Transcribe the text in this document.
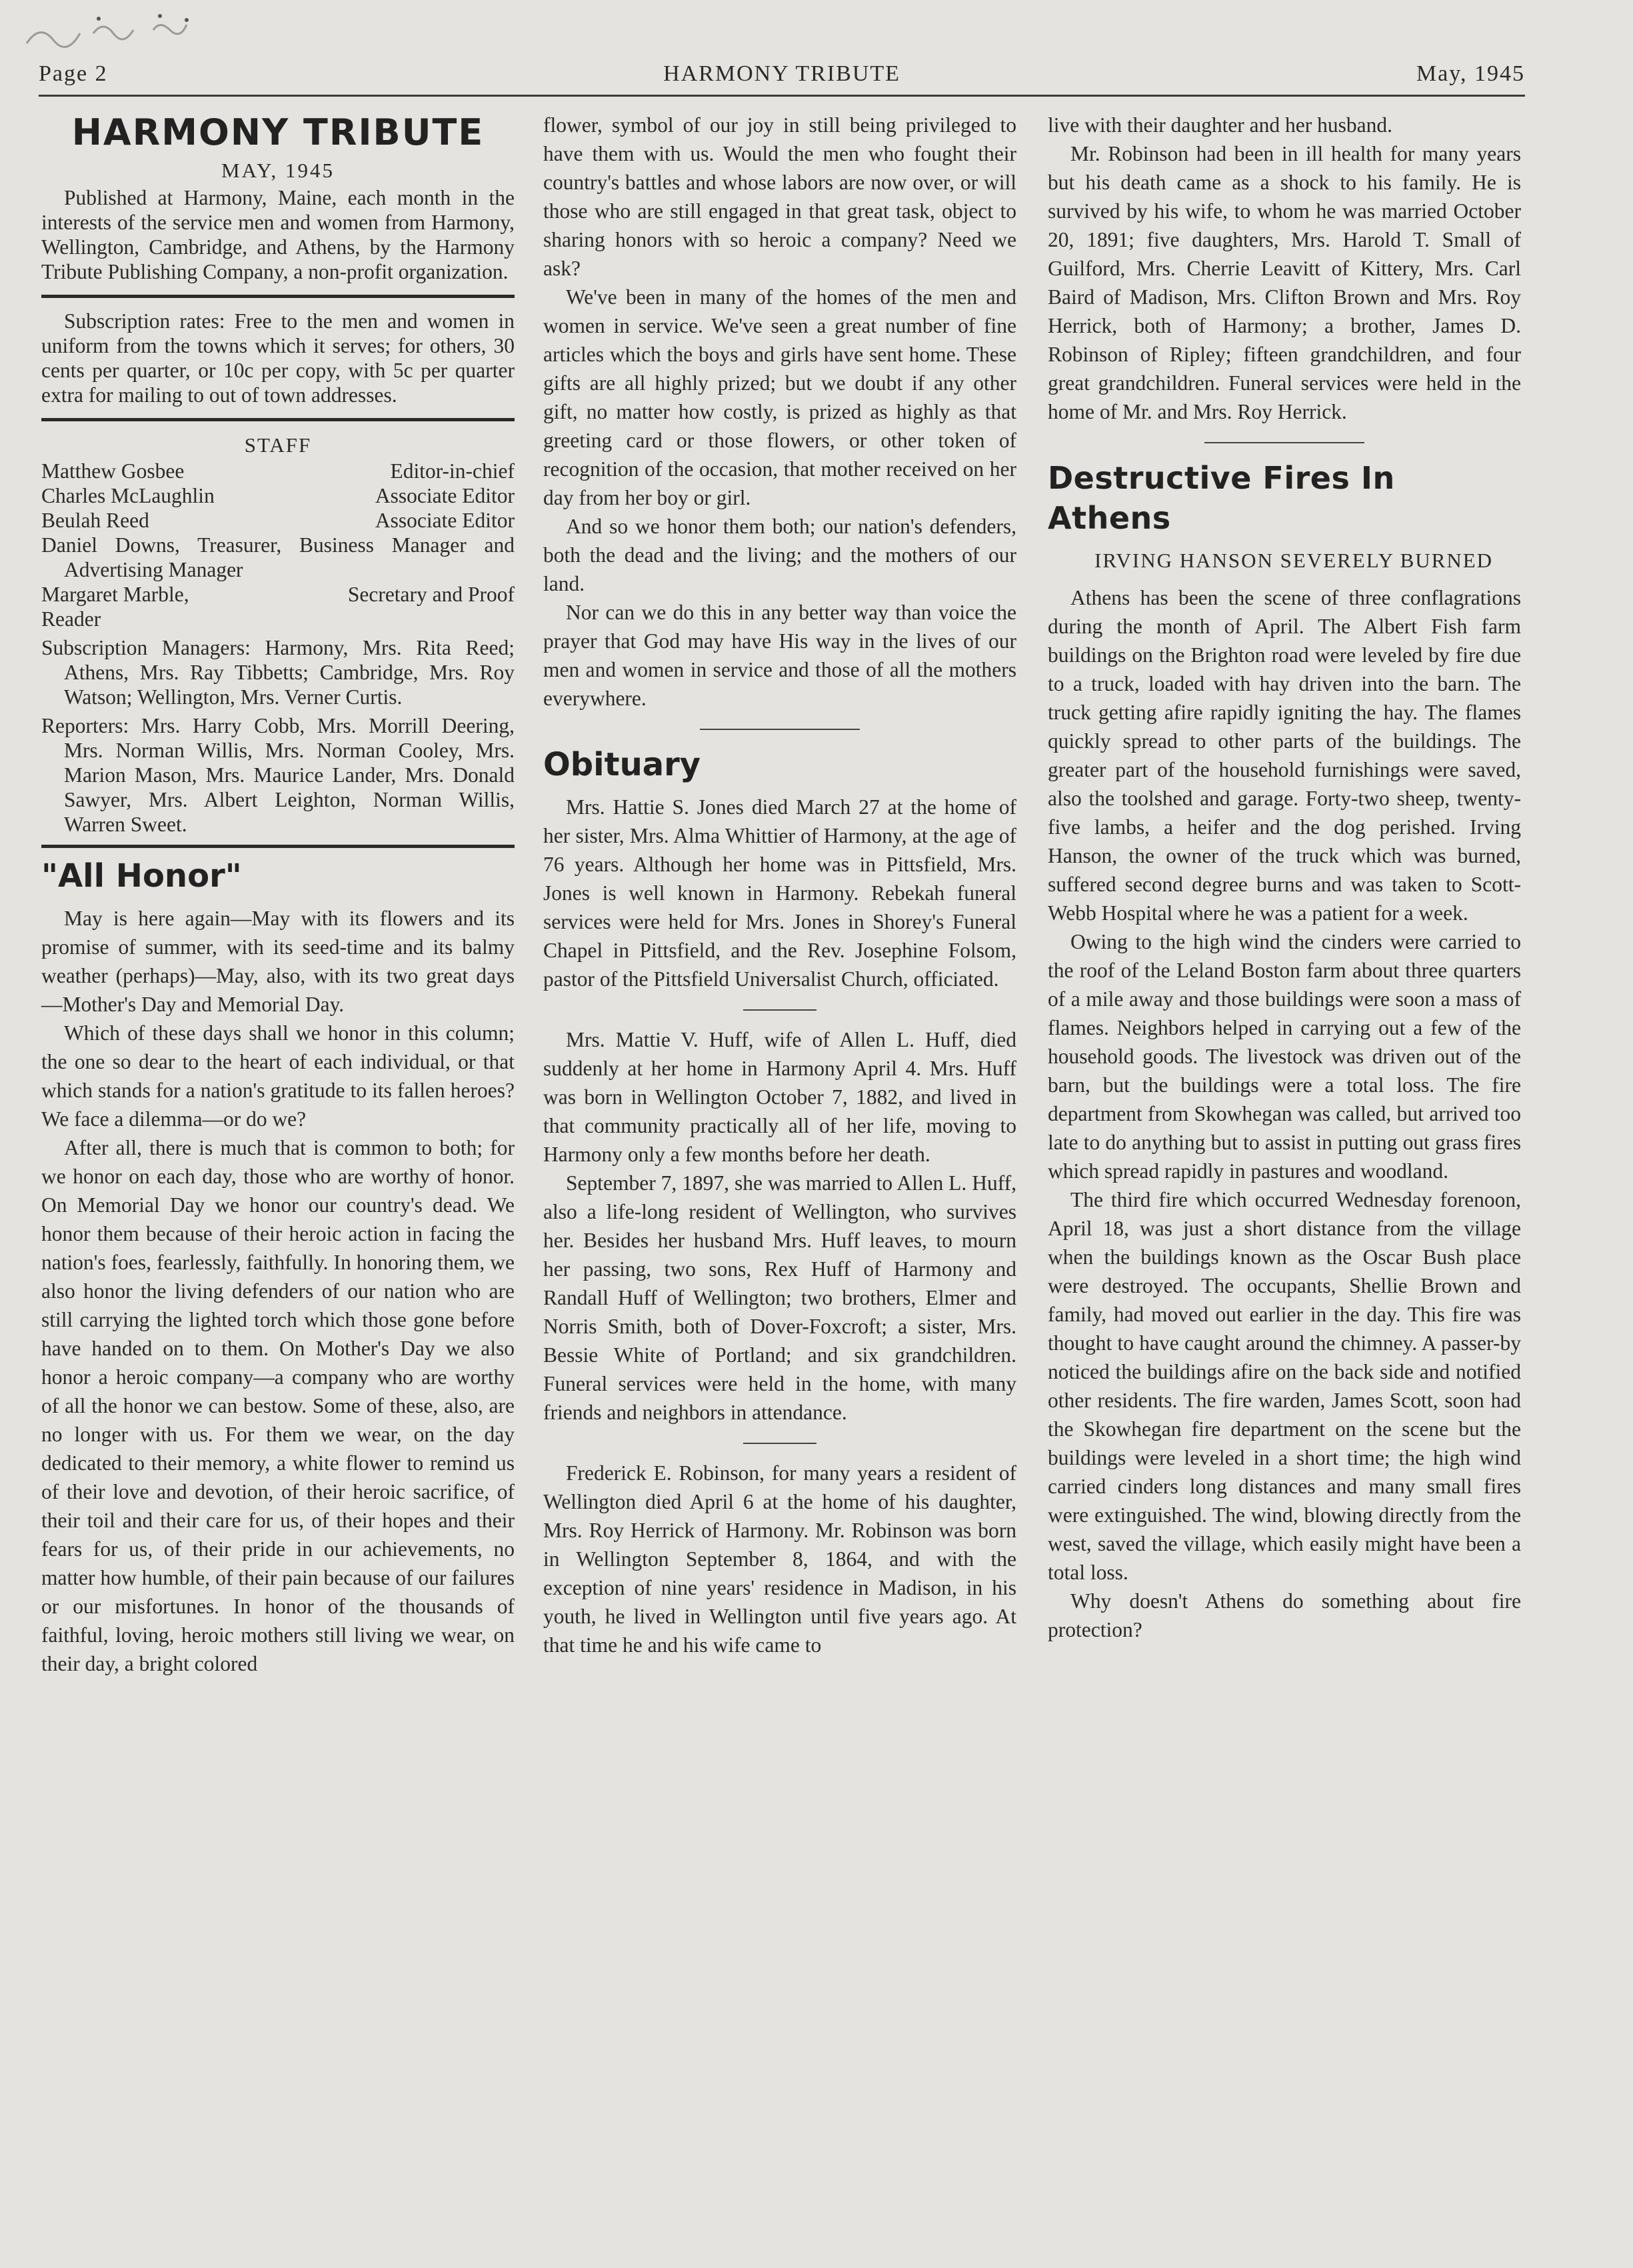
Page 2	HARMONY TRIBUTE	May, 1945
HARMONY TRIBUTE
MAY, 1945

Published at Harmony, Maine, each month in the interests of the service men and women from Harmony, Wellington, Cambridge, and Athens, by the Harmony Tribute Publishing Company, a non-profit organization.

Subscription rates: Free to the men and women in uniform from the towns which it serves; for others, 30 cents per quarter, or 10c per copy, with 5c per quarter extra for mailing to out of town addresses.

STAFF
Matthew Gosbee	Editor-in-chief
Charles McLaughlin	Associate Editor
Beulah Reed	Associate Editor

Daniel Downs, Treasurer, Business Manager and Advertising Manager

Margaret Marble,	Secretary and Proof

Reader

Subscription Managers: Harmony, Mrs. Rita Reed; Athens, Mrs. Ray Tibbetts; Cambridge, Mrs. Roy Watson; Wellington, Mrs. Verner Curtis.

Reporters: Mrs. Harry Cobb, Mrs. Morrill Deering, Mrs. Norman Willis, Mrs. Norman Cooley, Mrs. Marion Mason, Mrs. Maurice Lander, Mrs. Donald Sawyer, Mrs. Albert Leighton, Norman Willis, Warren Sweet.

"All Honor"

May is here again—May with its flowers and its promise of summer, with its seed-time and its balmy weather (perhaps)—May, also, with its two great days—Mother's Day and Memorial Day.

Which of these days shall we honor in this column; the one so dear to the heart of each individual, or that which stands for a nation's gratitude to its fallen heroes? We face a dilemma—or do we?

After all, there is much that is common to both; for we honor on each day, those who are worthy of honor. On Memorial Day we honor our country's dead. We honor them because of their heroic action in facing the nation's foes, fearlessly, faithfully. In honoring them, we also honor the living defenders of our nation who are still carrying the lighted torch which those gone before have handed on to them. On Mother's Day we also honor a heroic company—a company who are worthy of all the honor we can bestow. Some of these, also, are no longer with us. For them we wear, on the day dedicated to their memory, a white flower to remind us of their love and devotion, of their heroic sacrifice, of their toil and their care for us, of their hopes and their fears for us, of their pride in our achievements, no matter how humble, of their pain because of our failures or our misfortunes. In honor of the thousands of faithful, loving, heroic mothers still living we wear, on their day, a bright colored

flower, symbol of our joy in still being privileged to have them with us. Would the men who fought their country's battles and whose labors are now over, or will those who are still engaged in that great task, object to sharing honors with so heroic a company? Need we ask?

We've been in many of the homes of the men and women in service. We've seen a great number of fine articles which the boys and girls have sent home. These gifts are all highly prized; but we doubt if any other gift, no matter how costly, is prized as highly as that greeting card or those flowers, or other token of recognition of the occasion, that mother received on her day from her boy or girl.

And so we honor them both; our nation's defenders, both the dead and the living; and the mothers of our land.

Nor can we do this in any better way than voice the prayer that God may have His way in the lives of our men and women in service and those of all the mothers everywhere.

Obituary

Mrs. Hattie S. Jones died March 27 at the home of her sister, Mrs. Alma Whittier of Harmony, at the age of 76 years. Although her home was in Pittsfield, Mrs. Jones is well known in Harmony. Rebekah funeral services were held for Mrs. Jones in Shorey's Funeral Chapel in Pittsfield, and the Rev. Josephine Folsom, pastor of the Pittsfield Universalist Church, officiated.

Mrs. Mattie V. Huff, wife of Allen L. Huff, died suddenly at her home in Harmony April 4. Mrs. Huff was born in Wellington October 7, 1882, and lived in that community practically all of her life, moving to Harmony only a few months before her death.

September 7, 1897, she was married to Allen L. Huff, also a life-long resident of Wellington, who survives her. Besides her husband Mrs. Huff leaves, to mourn her passing, two sons, Rex Huff of Harmony and Randall Huff of Wellington; two brothers, Elmer and Norris Smith, both of Dover-Foxcroft; a sister, Mrs. Bessie White of Portland; and six grandchildren. Funeral services were held in the home, with many friends and neighbors in attendance.

Frederick E. Robinson, for many years a resident of Wellington died April 6 at the home of his daughter, Mrs. Roy Herrick of Harmony. Mr. Robinson was born in Wellington September 8, 1864, and with the exception of nine years' residence in Madison, in his youth, he lived in Wellington until five years ago. At that time he and his wife came to

live with their daughter and her husband.

Mr. Robinson had been in ill health for many years but his death came as a shock to his family. He is survived by his wife, to whom he was married October 20, 1891; five daughters, Mrs. Harold T. Small of Guilford, Mrs. Cherrie Leavitt of Kittery, Mrs. Carl Baird of Madison, Mrs. Clifton Brown and Mrs. Roy Herrick, both of Harmony; a brother, James D. Robinson of Ripley; fifteen grandchildren, and four great grandchildren. Funeral services were held in the home of Mr. and Mrs. Roy Herrick.

Destructive Fires In Athens
IRVING HANSON SEVERELY BURNED

Athens has been the scene of three conflagrations during the month of April. The Albert Fish farm buildings on the Brighton road were leveled by fire due to a truck, loaded with hay driven into the barn. The truck getting afire rapidly igniting the hay. The flames quickly spread to other parts of the buildings. The greater part of the household furnishings were saved, also the toolshed and garage. Forty-two sheep, twenty-five lambs, a heifer and the dog perished. Irving Hanson, the owner of the truck which was burned, suffered second degree burns and was taken to Scott-Webb Hospital where he was a patient for a week.

Owing to the high wind the cinders were carried to the roof of the Leland Boston farm about three quarters of a mile away and those buildings were soon a mass of flames. Neighbors helped in carrying out a few of the household goods. The livestock was driven out of the barn, but the buildings were a total loss. The fire department from Skowhegan was called, but arrived too late to do anything but to assist in putting out grass fires which spread rapidly in pastures and woodland.

The third fire which occurred Wednesday forenoon, April 18, was just a short distance from the village when the buildings known as the Oscar Bush place were destroyed. The occupants, Shellie Brown and family, had moved out earlier in the day. This fire was thought to have caught around the chimney. A passer-by noticed the buildings afire on the back side and notified other residents. The fire warden, James Scott, soon had the Skowhegan fire department on the scene but the buildings were leveled in a short time; the high wind carried cinders long distances and many small fires were extinguished. The wind, blowing directly from the west, saved the village, which easily might have been a total loss.

Why doesn't Athens do something about fire protection?
